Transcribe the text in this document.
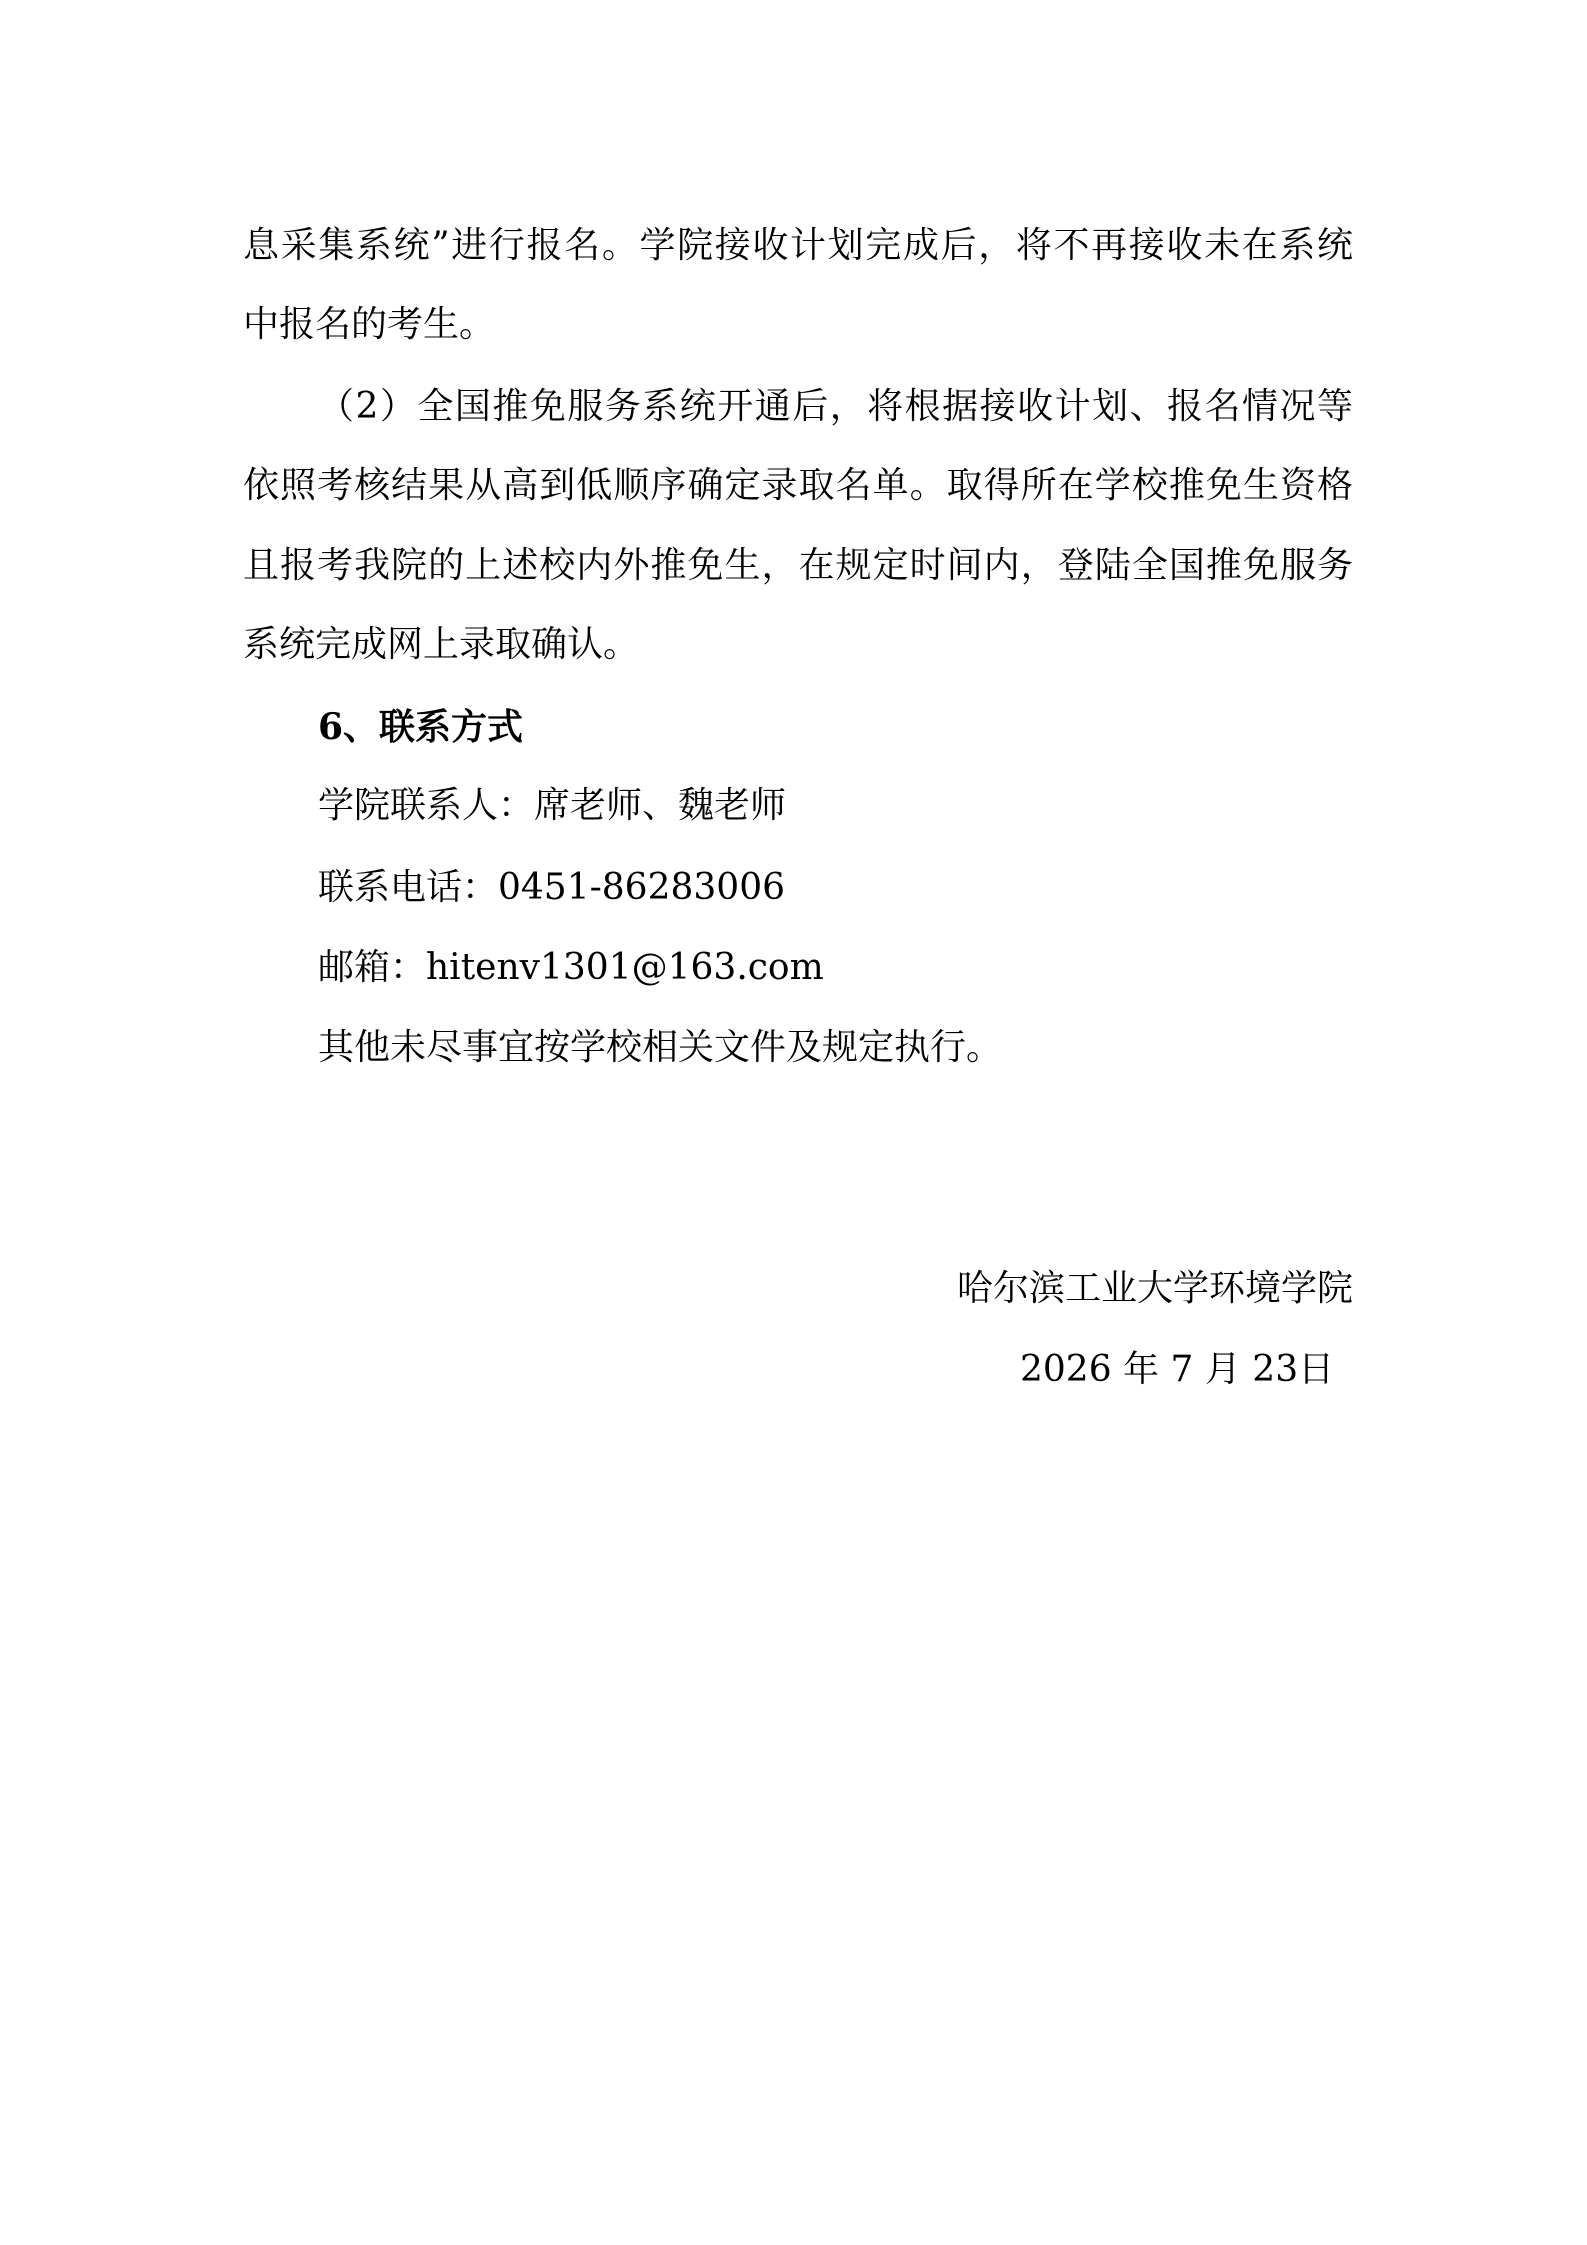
息采集系统”进行报名。学院接收计划完成后，将不再接收未在系统
中报名的考生。
（2）全国推免服务系统开通后，将根据接收计划、报名情况等
依照考核结果从高到低顺序确定录取名单。取得所在学校推免生资格
且报考我院的上述校内外推免生，在规定时间内，登陆全国推免服务
系统完成网上录取确认。
6、联系方式
学院联系人：席老师、魏老师
联系电话：0451-86283006
邮箱：hitenv1301@163.com
其他未尽事宜按学校相关文件及规定执行。
哈尔滨工业大学环境学院
2026 年 7 月 23日
